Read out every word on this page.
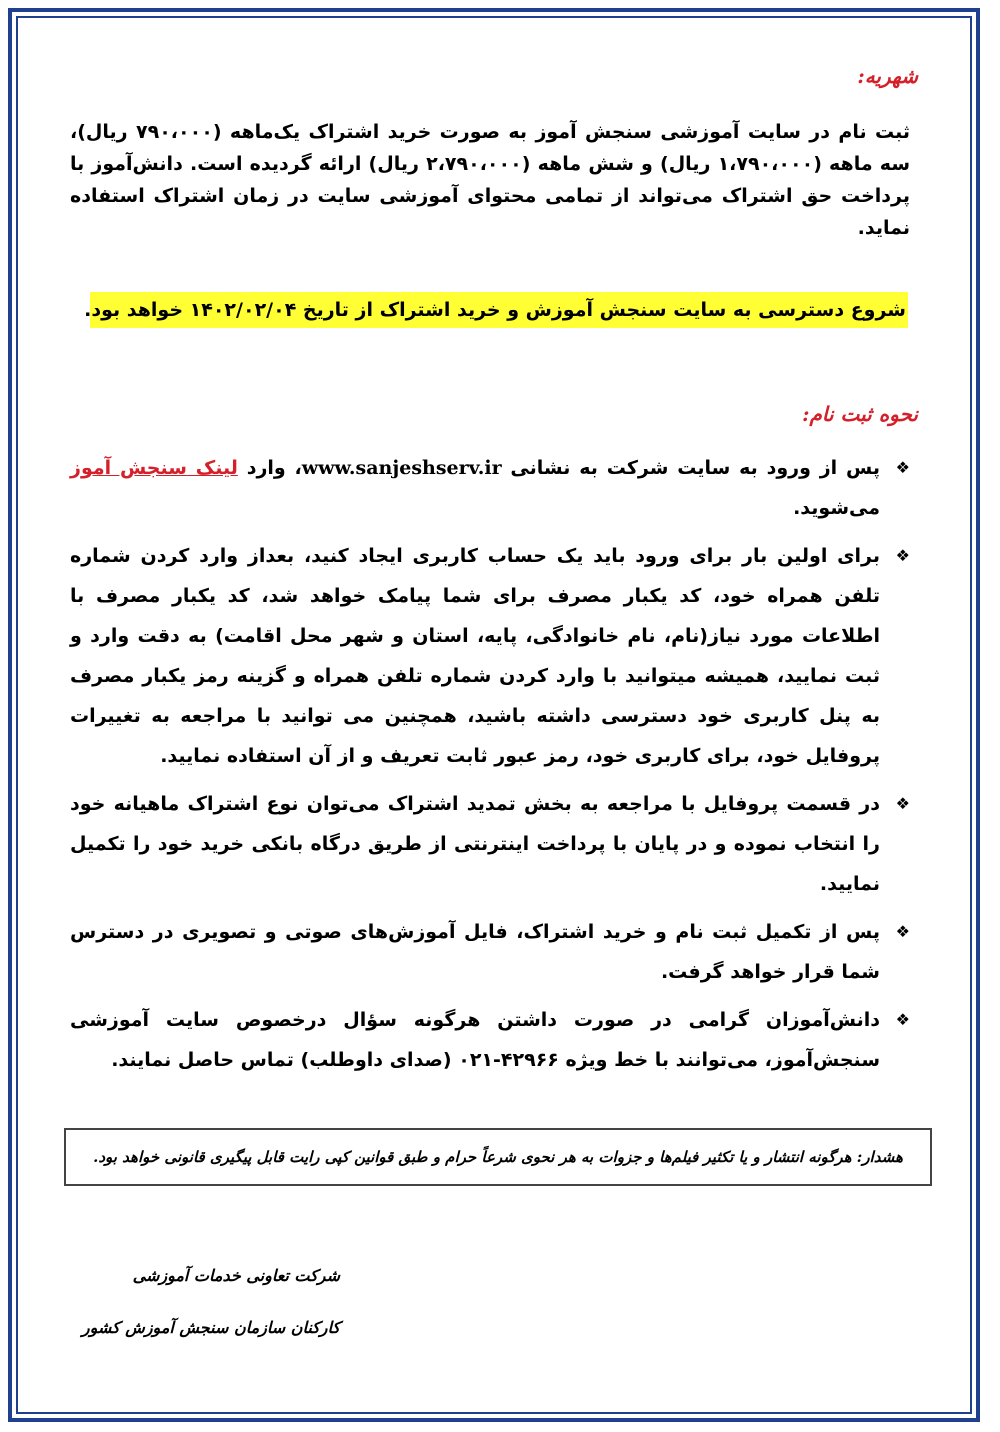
شهریه:
ثبت نام در سایت آموزشی سنجش آموز به صورت خرید اشتراک یک‌ماهه (۷۹۰،۰۰۰ ریال)، سه ماهه (۱،۷۹۰،۰۰۰ ریال) و شش ماهه (۲،۷۹۰،۰۰۰ ریال) ارائه گردیده است. دانش‌آموز با پرداخت حق اشتراک می‌تواند از تمامی محتوای آموزشی سایت در زمان اشتراک استفاده نماید.
شروع دسترسی به سایت سنجش آموزش و خرید اشتراک از تاریخ ۱۴۰۲/۰۲/۰۴ خواهد بود.
نحوه ثبت نام:
❖
پس از ورود به سایت شرکت به نشانی www.sanjeshserv.ir، وارد لینک سنجش آموز می‌شوید.
❖
برای اولین بار برای ورود باید یک حساب کاربری ایجاد کنید، بعداز وارد کردن شماره تلفن همراه خود، کد یکبار مصرف برای شما پیامک خواهد شد، کد یکبار مصرف با اطلاعات مورد نیاز(نام، نام خانوادگی، پایه، استان و شهر محل اقامت) به دقت وارد و ثبت نمایید، همیشه میتوانید با وارد کردن شماره تلفن همراه و گزینه رمز یکبار مصرف به پنل کاربری خود دسترسی داشته باشید، همچنین می توانید با مراجعه به تغییرات پروفایل خود، برای کاربری خود، رمز عبور ثابت تعریف و از آن استفاده نمایید.
❖
در قسمت پروفایل با مراجعه به بخش تمدید اشتراک می‌توان نوع اشتراک ماهیانه خود را انتخاب نموده و در پایان با پرداخت اینترنتی از طریق درگاه بانکی خرید خود را تکمیل نمایید.
❖
پس از تکمیل ثبت نام و خرید اشتراک، فایل آموزش‌های صوتی و تصویری در دسترس شما قرار خواهد گرفت.
❖
دانش‌آموزان گرامی در صورت داشتن هرگونه سؤال درخصوص سایت آموزشی سنجش‌آموز، می‌توانند با خط ویژه ۴۲۹۶۶-۰۲۱ (صدای داوطلب) تماس حاصل نمایند.
هشدار: هرگونه انتشار و یا تکثیر فیلم‌ها و جزوات به هر نحوی شرعاً حرام و طبق قوانین کپی رایت قابل پیگیری قانونی خواهد بود.
شرکت تعاونی خدمات آموزشی
کارکنان سازمان سنجش آموزش کشور
